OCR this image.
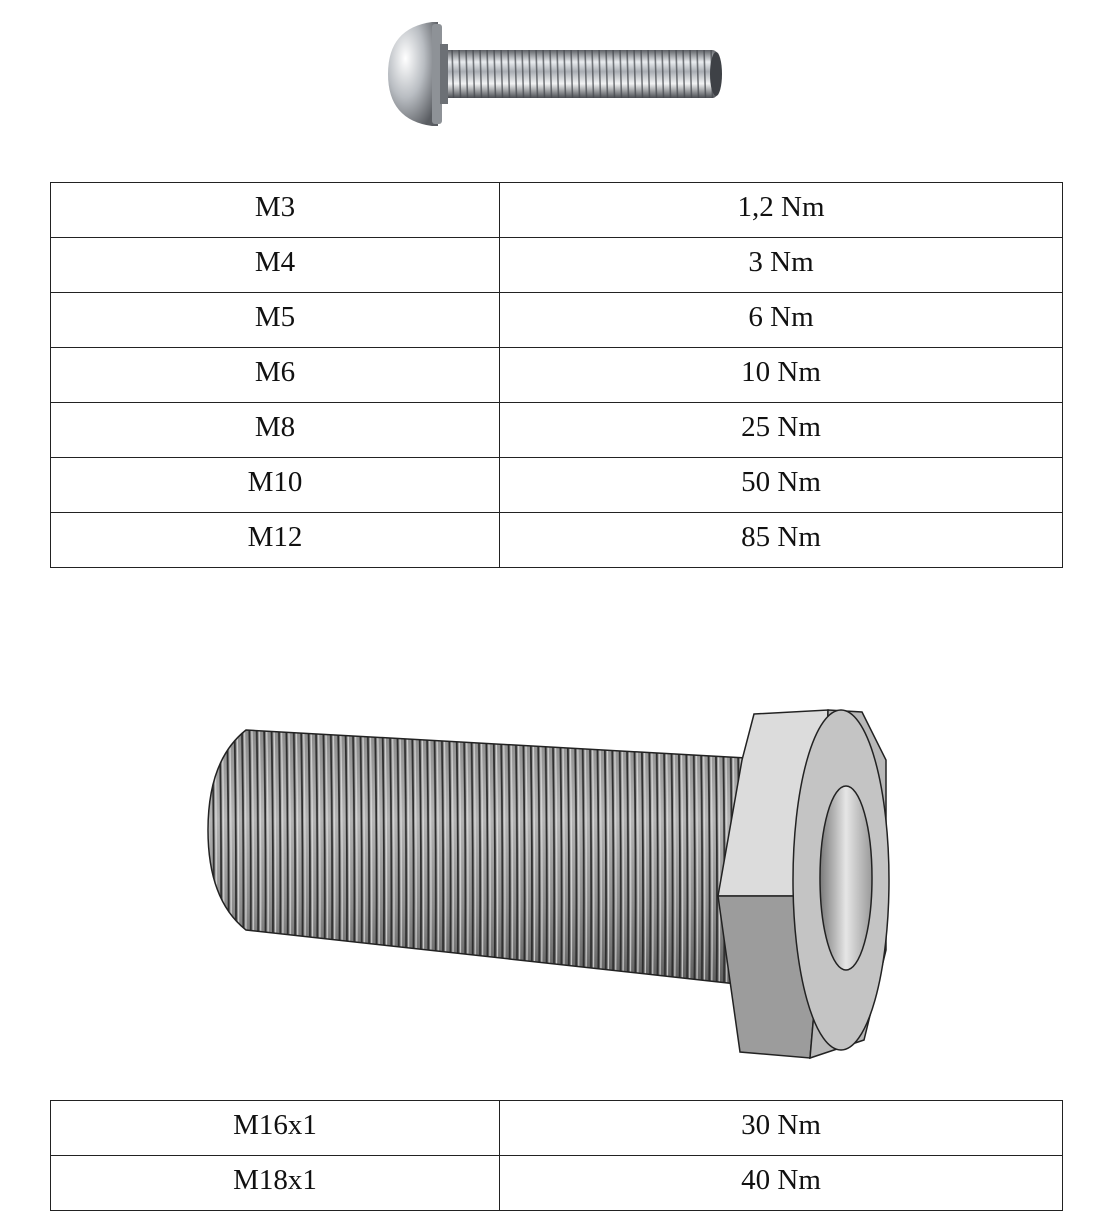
M3	1,2 Nm
M4	3 Nm
M5	6 Nm
M6	10 Nm
M8	25 Nm
M10	50 Nm
M12	85 Nm
M16x1	30 Nm
M18x1	40 Nm
